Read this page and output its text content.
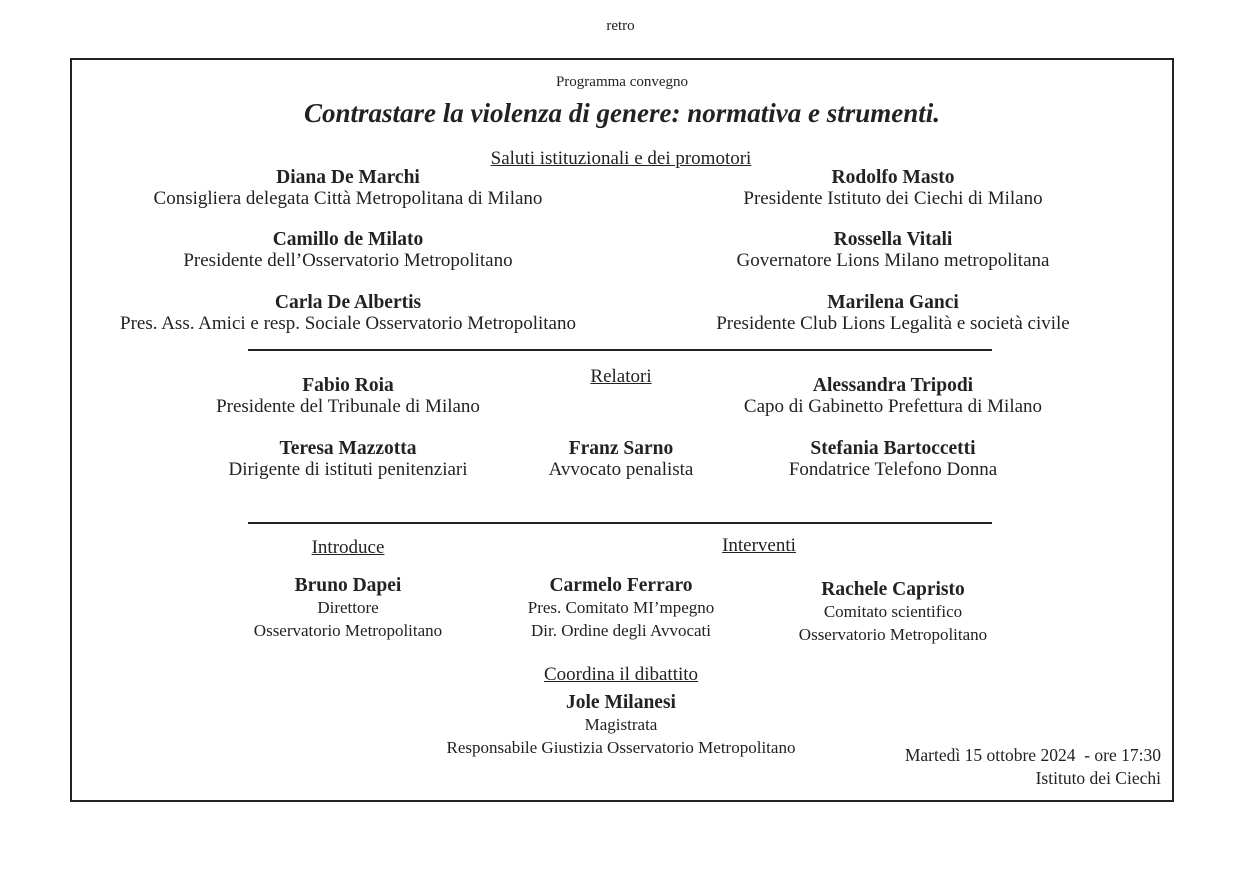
retro
Programma convegno
Contrastare la violenza di genere: normativa e strumenti.
Saluti istituzionali e dei promotori
Diana De Marchi
Consigliera delegata Città Metropolitana di Milano
Rodolfo Masto
Presidente Istituto dei Ciechi di Milano
Camillo de Milato
Presidente dell’Osservatorio Metropolitano
Rossella Vitali
Governatore Lions Milano metropolitana
Carla De Albertis
Pres. Ass. Amici e resp. Sociale Osservatorio Metropolitano
Marilena Ganci
Presidente Club Lions Legalità e società civile
Relatori
Fabio Roia
Presidente del Tribunale di Milano
Alessandra Tripodi
Capo di Gabinetto Prefettura di Milano
Teresa Mazzotta
Dirigente di istituti penitenziari
Franz Sarno
Avvocato penalista
Stefania Bartoccetti
Fondatrice Telefono Donna
Introduce	Interventi
Bruno Dapei
Direttore
Osservatorio Metropolitano
Carmelo Ferraro
Pres. Comitato MI’mpegno
Dir. Ordine degli Avvocati
Rachele Capristo
Comitato scientifico
Osservatorio Metropolitano
Coordina il dibattito
Jole Milanesi
Magistrata
Responsabile Giustizia Osservatorio Metropolitano	Martedì 15 ottobre 2024  - ore 17:30
Istituto dei Ciechi
